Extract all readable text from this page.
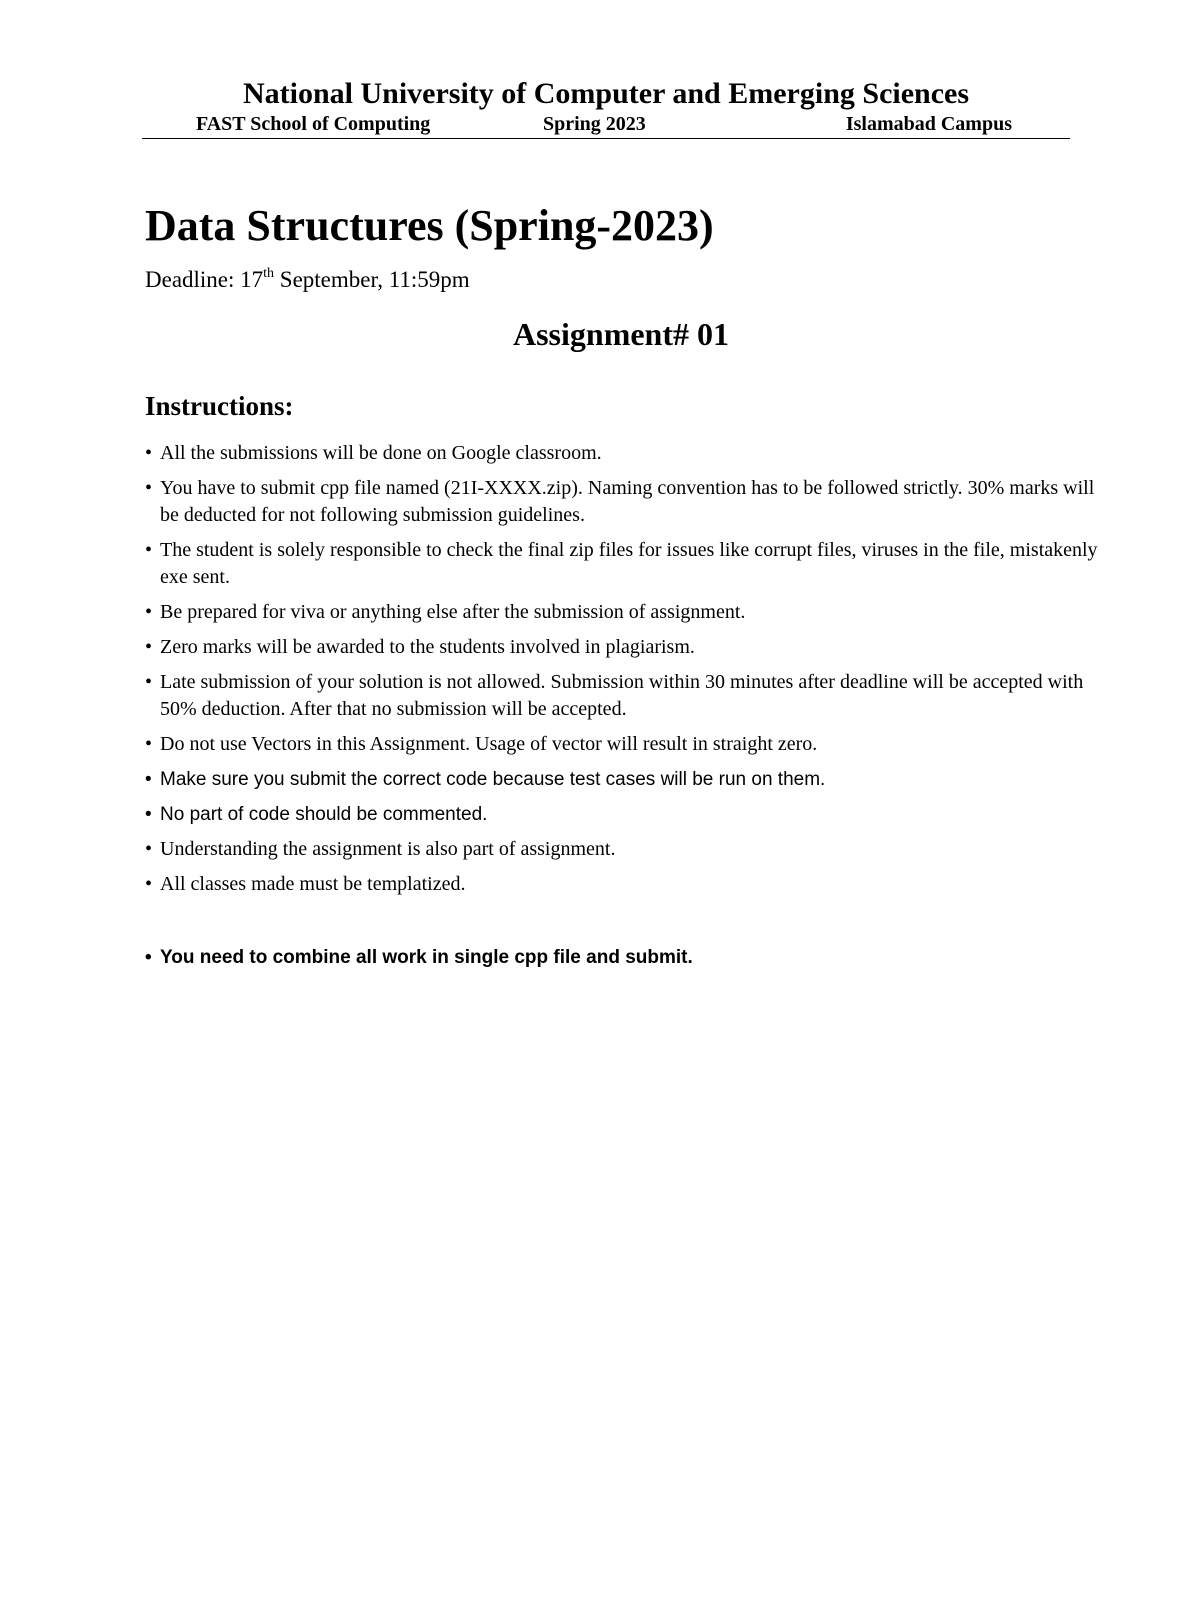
National University of Computer and Emerging Sciences

FAST School of Computing	Spring 2023	Islamabad Campus
Data Structures (Spring-2023)

Deadline: 17th September, 11:59pm

Assignment# 01
Instructions:
• All the submissions will be done on Google classroom.
• You have to submit cpp file named (21I-XXXX.zip). Naming convention has to be followed strictly. 30% marks will be deducted for not following submission guidelines.
• The student is solely responsible to check the final zip files for issues like corrupt files, viruses in the file, mistakenly exe sent.
• Be prepared for viva or anything else after the submission of assignment.
• Zero marks will be awarded to the students involved in plagiarism.
• Late submission of your solution is not allowed. Submission within 30 minutes after deadline will be accepted with 50% deduction. After that no submission will be accepted.
• Do not use Vectors in this Assignment. Usage of vector will result in straight zero.
• Make sure you submit the correct code because test cases will be run on them.
• No part of code should be commented.
• Understanding the assignment is also part of assignment.
• All classes made must be templatized.

• You need to combine all work in single cpp file and submit.
